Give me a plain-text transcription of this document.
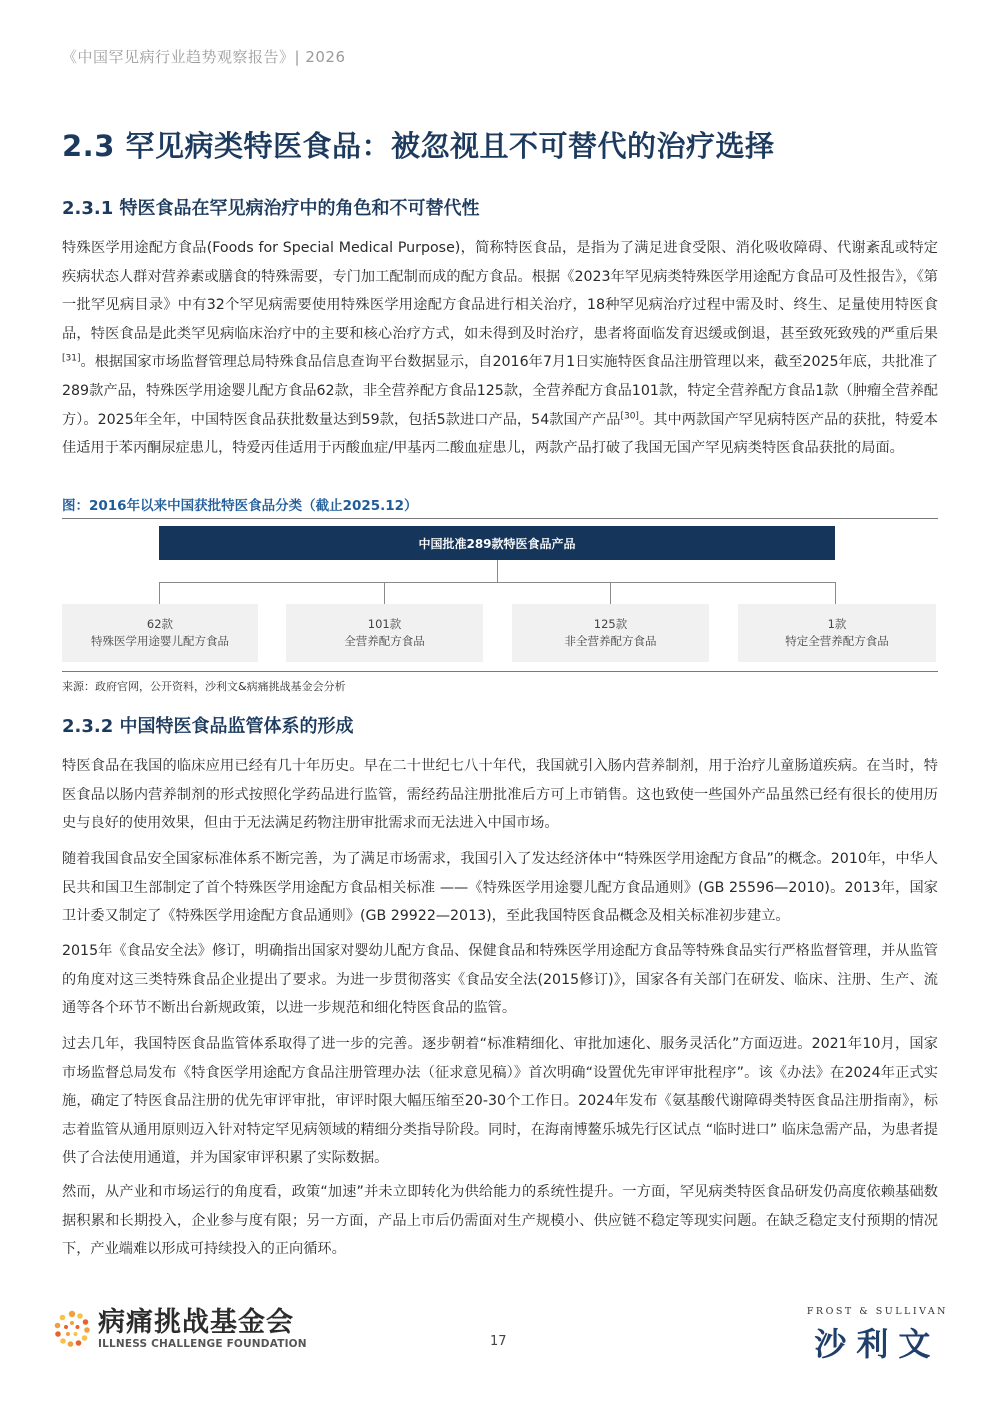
《中国罕见病行业趋势观察报告》| 2026
2.3 罕见病类特医食品：被忽视且不可替代的治疗选择
2.3.1 特医食品在罕见病治疗中的角色和不可替代性

特殊医学用途配方食品(Foods for Special Medical Purpose)，简称特医食品，是指为了满足进食受限、消化吸收障碍、代谢紊乱或特定疾病状态人群对营养素或膳食的特殊需要，专门加工配制而成的配方食品。根据《2023年罕见病类特殊医学用途配方食品可及性报告》，《第一批罕见病目录》中有32个罕见病需要使用特殊医学用途配方食品进行相关治疗，18种罕见病治疗过程中需及时、终生、足量使用特医食品，特医食品是此类罕见病临床治疗中的主要和核心治疗方式，如未得到及时治疗，患者将面临发育迟缓或倒退，甚至致死致残的严重后果[31]。根据国家市场监督管理总局特殊食品信息查询平台数据显示，自2016年7月1日实施特医食品注册管理以来，截至2025年底，共批准了289款产品，特殊医学用途婴儿配方食品62款，非全营养配方食品125款，全营养配方食品101款，特定全营养配方食品1款（肿瘤全营养配方）。2025年全年，中国特医食品获批数量达到59款，包括5款进口产品，54款国产产品[30]。其中两款国产罕见病特医产品的获批，特爱本佳适用于苯丙酮尿症患儿，特爱丙佳适用于丙酸血症/甲基丙二酸血症患儿，两款产品打破了我国无国产罕见病类特医食品获批的局面。

图：2016年以来中国获批特医食品分类（截止2025.12）
中国批准289款特医食品产品
62款
特殊医学用途婴儿配方食品
101款
全营养配方食品
125款
非全营养配方食品
1款
特定全营养配方食品
来源：政府官网，公开资料，沙利文&病痛挑战基金会分析
2.3.2 中国特医食品监管体系的形成

特医食品在我国的临床应用已经有几十年历史。早在二十世纪七八十年代，我国就引入肠内营养制剂，用于治疗儿童肠道疾病。在当时，特医食品以肠内营养制剂的形式按照化学药品进行监管，需经药品注册批准后方可上市销售。这也致使一些国外产品虽然已经有很长的使用历史与良好的使用效果，但由于无法满足药物注册审批需求而无法进入中国市场。

随着我国食品安全国家标准体系不断完善，为了满足市场需求，我国引入了发达经济体中“特殊医学用途配方食品”的概念。2010年，中华人民共和国卫生部制定了首个特殊医学用途配方食品相关标准 ——《特殊医学用途婴儿配方食品通则》(GB 25596—2010)。2013年，国家卫计委又制定了《特殊医学用途配方食品通则》(GB 29922—2013)，至此我国特医食品概念及相关标准初步建立。

2015年《食品安全法》修订，明确指出国家对婴幼儿配方食品、保健食品和特殊医学用途配方食品等特殊食品实行严格监督管理，并从监管的角度对这三类特殊食品企业提出了要求。为进一步贯彻落实《食品安全法(2015修订)》，国家各有关部门在研发、临床、注册、生产、流通等各个环节不断出台新规政策，以进一步规范和细化特医食品的监管。

过去几年，我国特医食品监管体系取得了进一步的完善。逐步朝着“标准精细化、审批加速化、服务灵活化”方面迈进。2021年10月，国家市场监督总局发布《特食医学用途配方食品注册管理办法（征求意见稿）》首次明确“设置优先审评审批程序”。该《办法》在2024年正式实施，确定了特医食品注册的优先审评审批，审评时限大幅压缩至20-30个工作日。2024年发布《氨基酸代谢障碍类特医食品注册指南》，标志着监管从通用原则迈入针对特定罕见病领域的精细分类指导阶段。同时，在海南博鳌乐城先行区试点 “临时进口” 临床急需产品，为患者提供了合法使用通道，并为国家审评积累了实际数据。

然而，从产业和市场运行的角度看，政策“加速”并未立即转化为供给能力的系统性提升。一方面，罕见病类特医食品研发仍高度依赖基础数据积累和长期投入，企业参与度有限；另一方面，产品上市后仍需面对生产规模小、供应链不稳定等现实问题。在缺乏稳定支付预期的情况下，产业端难以形成可持续投入的正向循环。

病痛挑战基金会
ILLNESS CHALLENGE FOUNDATION	17
FROST & SULLIVAN
沙利文
